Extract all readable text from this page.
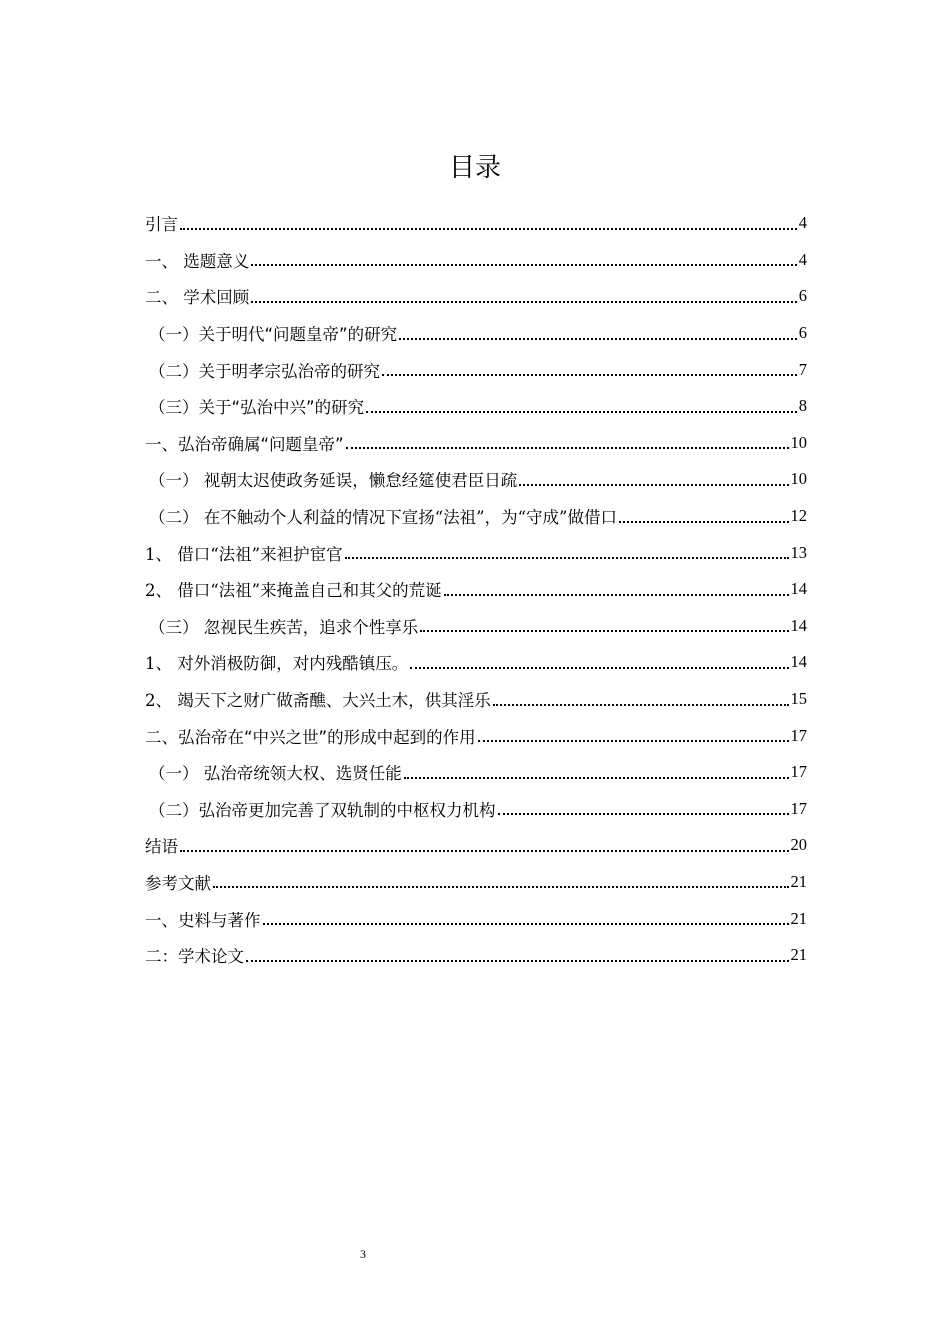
目录
引言	4
一、 选题意义	4
二、 学术回顾	6
（一）关于明代“问题皇帝”的研究	6
（二）关于明孝宗弘治帝的研究	7
（三）关于“弘治中兴”的研究	8
一、弘治帝确属“问题皇帝”	10
（一） 视朝太迟使政务延误，懒怠经筵使君臣日疏	10
（二） 在不触动个人利益的情况下宣扬“法祖”，为“守成”做借口	12
1、 借口“法祖”来袒护宦官	13
2、 借口“法祖”来掩盖自己和其父的荒诞	14
（三） 忽视民生疾苦，追求个性享乐	14
1、 对外消极防御，对内残酷镇压。	14
2、 竭天下之财广做斋醮、大兴土木，供其淫乐	15
二、弘治帝在“中兴之世”的形成中起到的作用	17
（一） 弘治帝统领大权、选贤任能	17
（二）弘治帝更加完善了双轨制的中枢权力机构	17
结语	20
参考文献	21
一、史料与著作	21
二：学术论文	21
3
